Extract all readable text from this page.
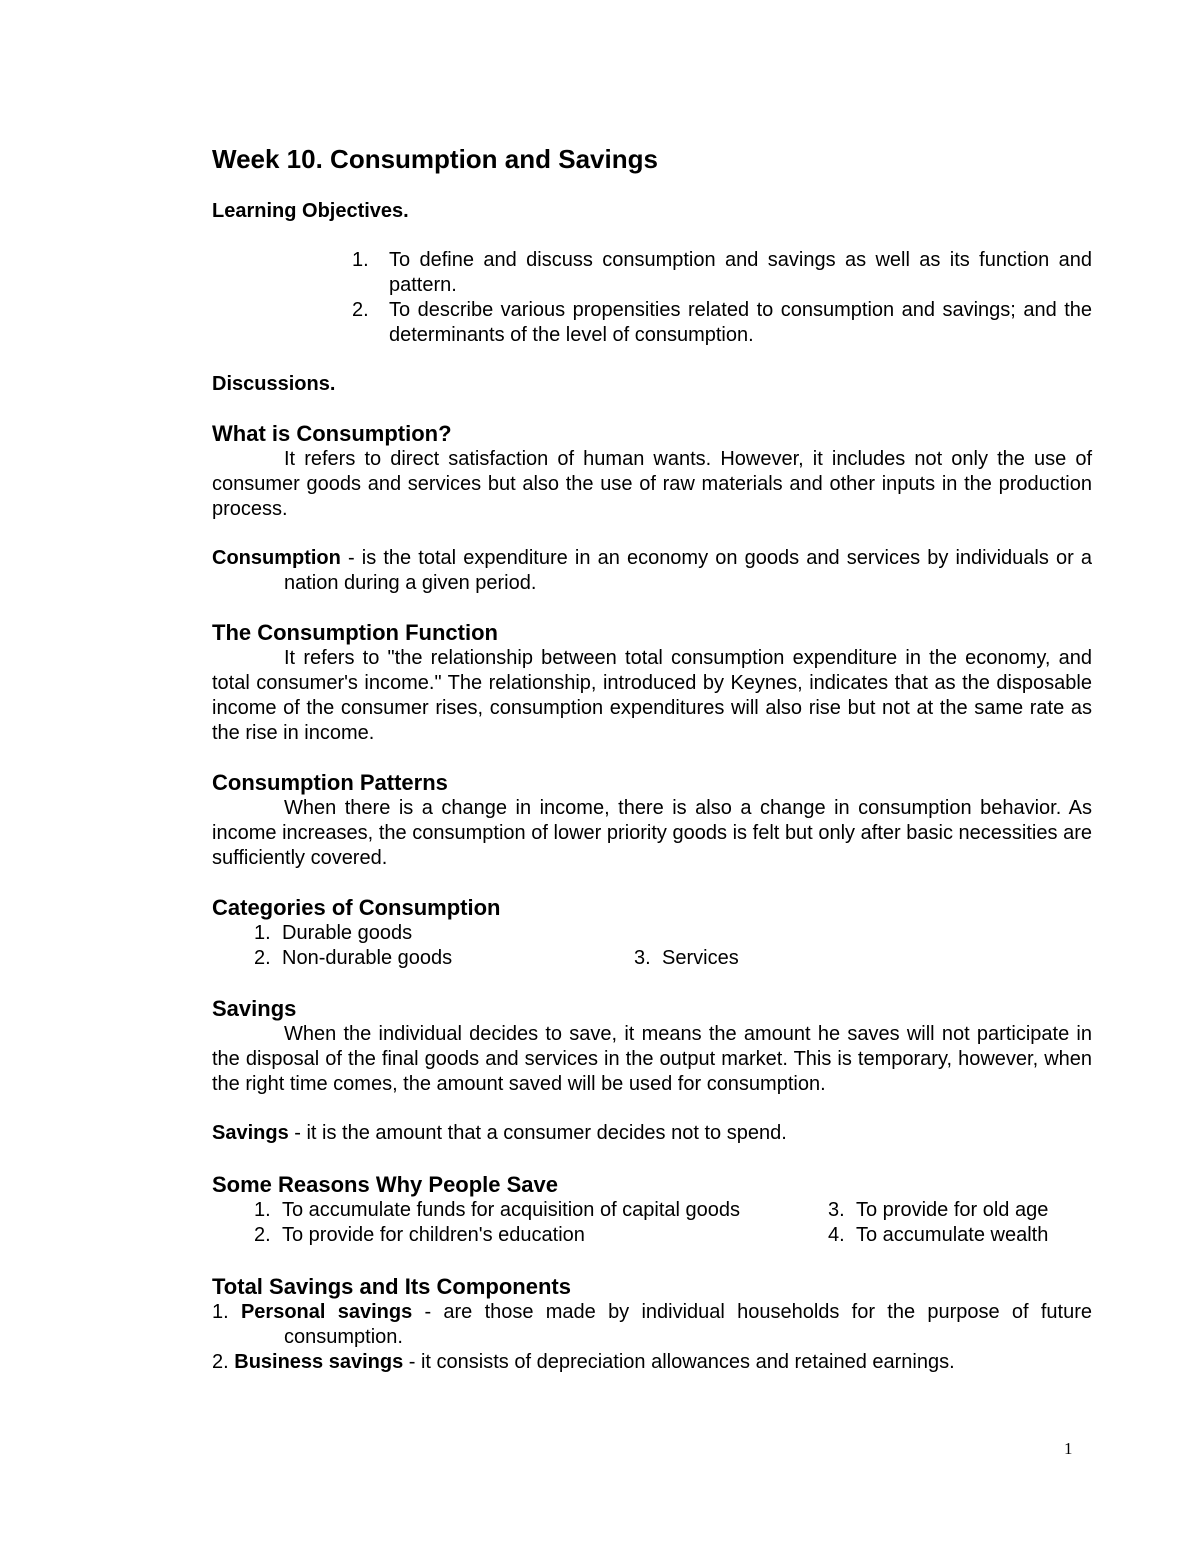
Week 10. Consumption and Savings

Learning Objectives.

1. To define and discuss consumption and savings as well as its function and pattern.
2. To describe various propensities related to consumption and savings; and the determinants of the level of consumption.

Discussions.

What is Consumption?

It refers to direct satisfaction of human wants. However, it includes not only the use of consumer goods and services but also the use of raw materials and other inputs in the production process.

Consumption - is the total expenditure in an economy on goods and services by individuals or a nation during a given period.

The Consumption Function

It refers to "the relationship between total consumption expenditure in the economy, and total consumer's income." The relationship, introduced by Keynes, indicates that as the disposable income of the consumer rises, consumption expenditures will also rise but not at the same rate as the rise in income.

Consumption Patterns

When there is a change in income, there is also a change in consumption behavior. As income increases, the consumption of lower priority goods is felt but only after basic necessities are sufficiently covered.

Categories of Consumption
1. Durable goods
2. Non-durable goods	3. Services
Savings

When the individual decides to save, it means the amount he saves will not participate in the disposal of the final goods and services in the output market. This is temporary, however, when the right time comes, the amount saved will be used for consumption.

Savings - it is the amount that a consumer decides not to spend.

Some Reasons Why People Save
1. To accumulate funds for acquisition of capital goods	3. To provide for old age
2. To provide for children's education	4. To accumulate wealth
Total Savings and Its Components

1. Personal savings - are those made by individual households for the purpose of future consumption.

2. Business savings - it consists of depreciation allowances and retained earnings.

1
